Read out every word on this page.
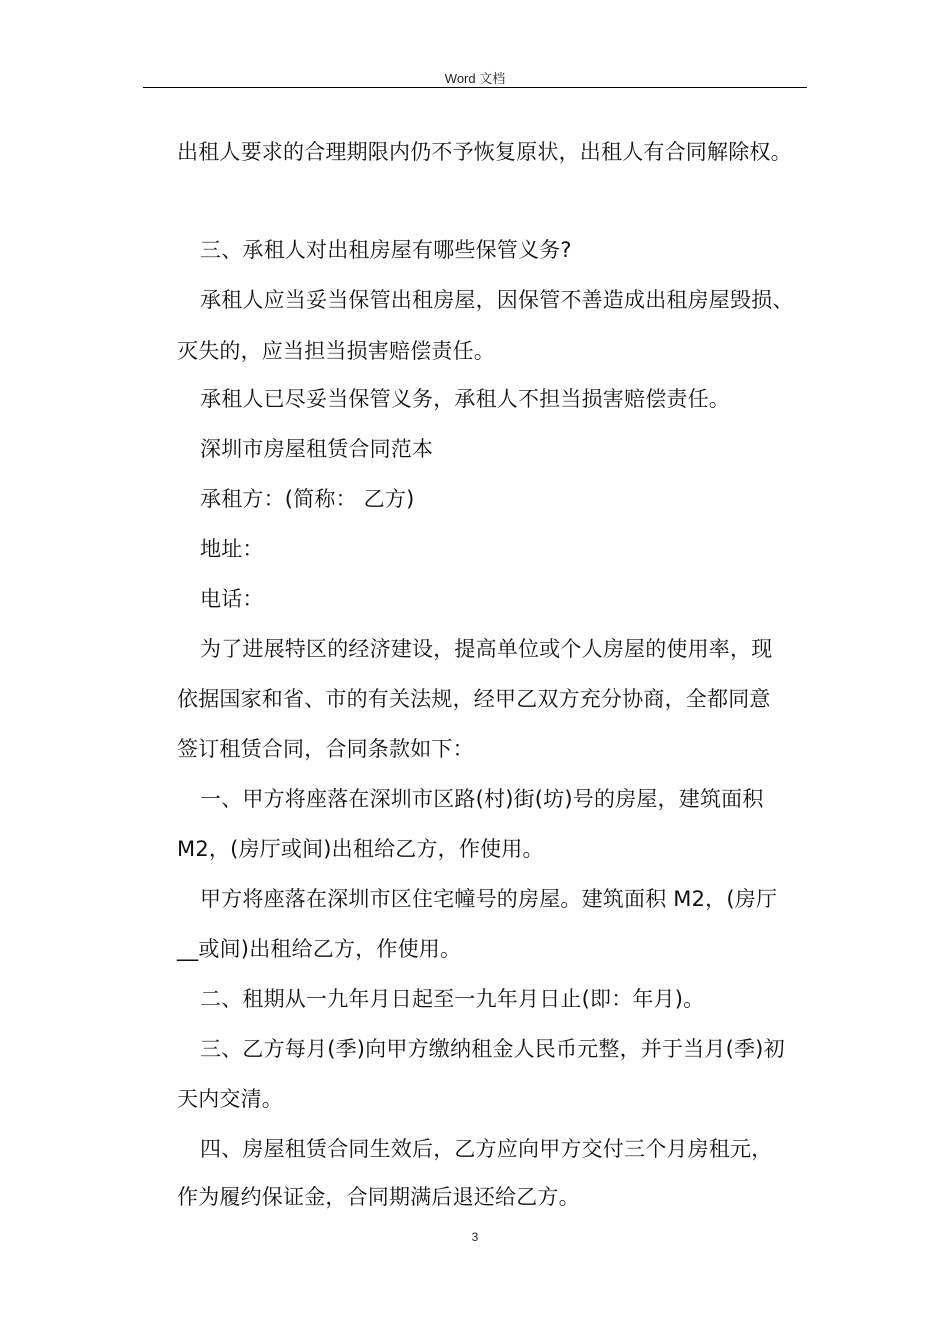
Word 文档
出租人要求的合理期限内仍不予恢复原状，出租人有合同解除权。
三、承租人对出租房屋有哪些保管义务?
承租人应当妥当保管出租房屋，因保管不善造成出租房屋毁损、
灭失的，应当担当损害赔偿责任。
承租人已尽妥当保管义务，承租人不担当损害赔偿责任。
深圳市房屋租赁合同范本
承租方：(简称： 乙方)
地址：
电话：
为了进展特区的经济建设，提高单位或个人房屋的使用率，现
依据国家和省、市的有关法规，经甲乙双方充分协商，全都同意
签订租赁合同，合同条款如下：
一、甲方将座落在深圳市区路(村)街(坊)号的房屋，建筑面积
M2，(房厅或间)出租给乙方，作使用。
甲方将座落在深圳市区住宅幢号的房屋。建筑面积 M2，(房厅
__或间)出租给乙方，作使用。
二、租期从一九年月日起至一九年月日止(即：年月)。
三、乙方每月(季)向甲方缴纳租金人民币元整，并于当月(季)初
天内交清。
四、房屋租赁合同生效后，乙方应向甲方交付三个月房租元，
作为履约保证金，合同期满后退还给乙方。
3
